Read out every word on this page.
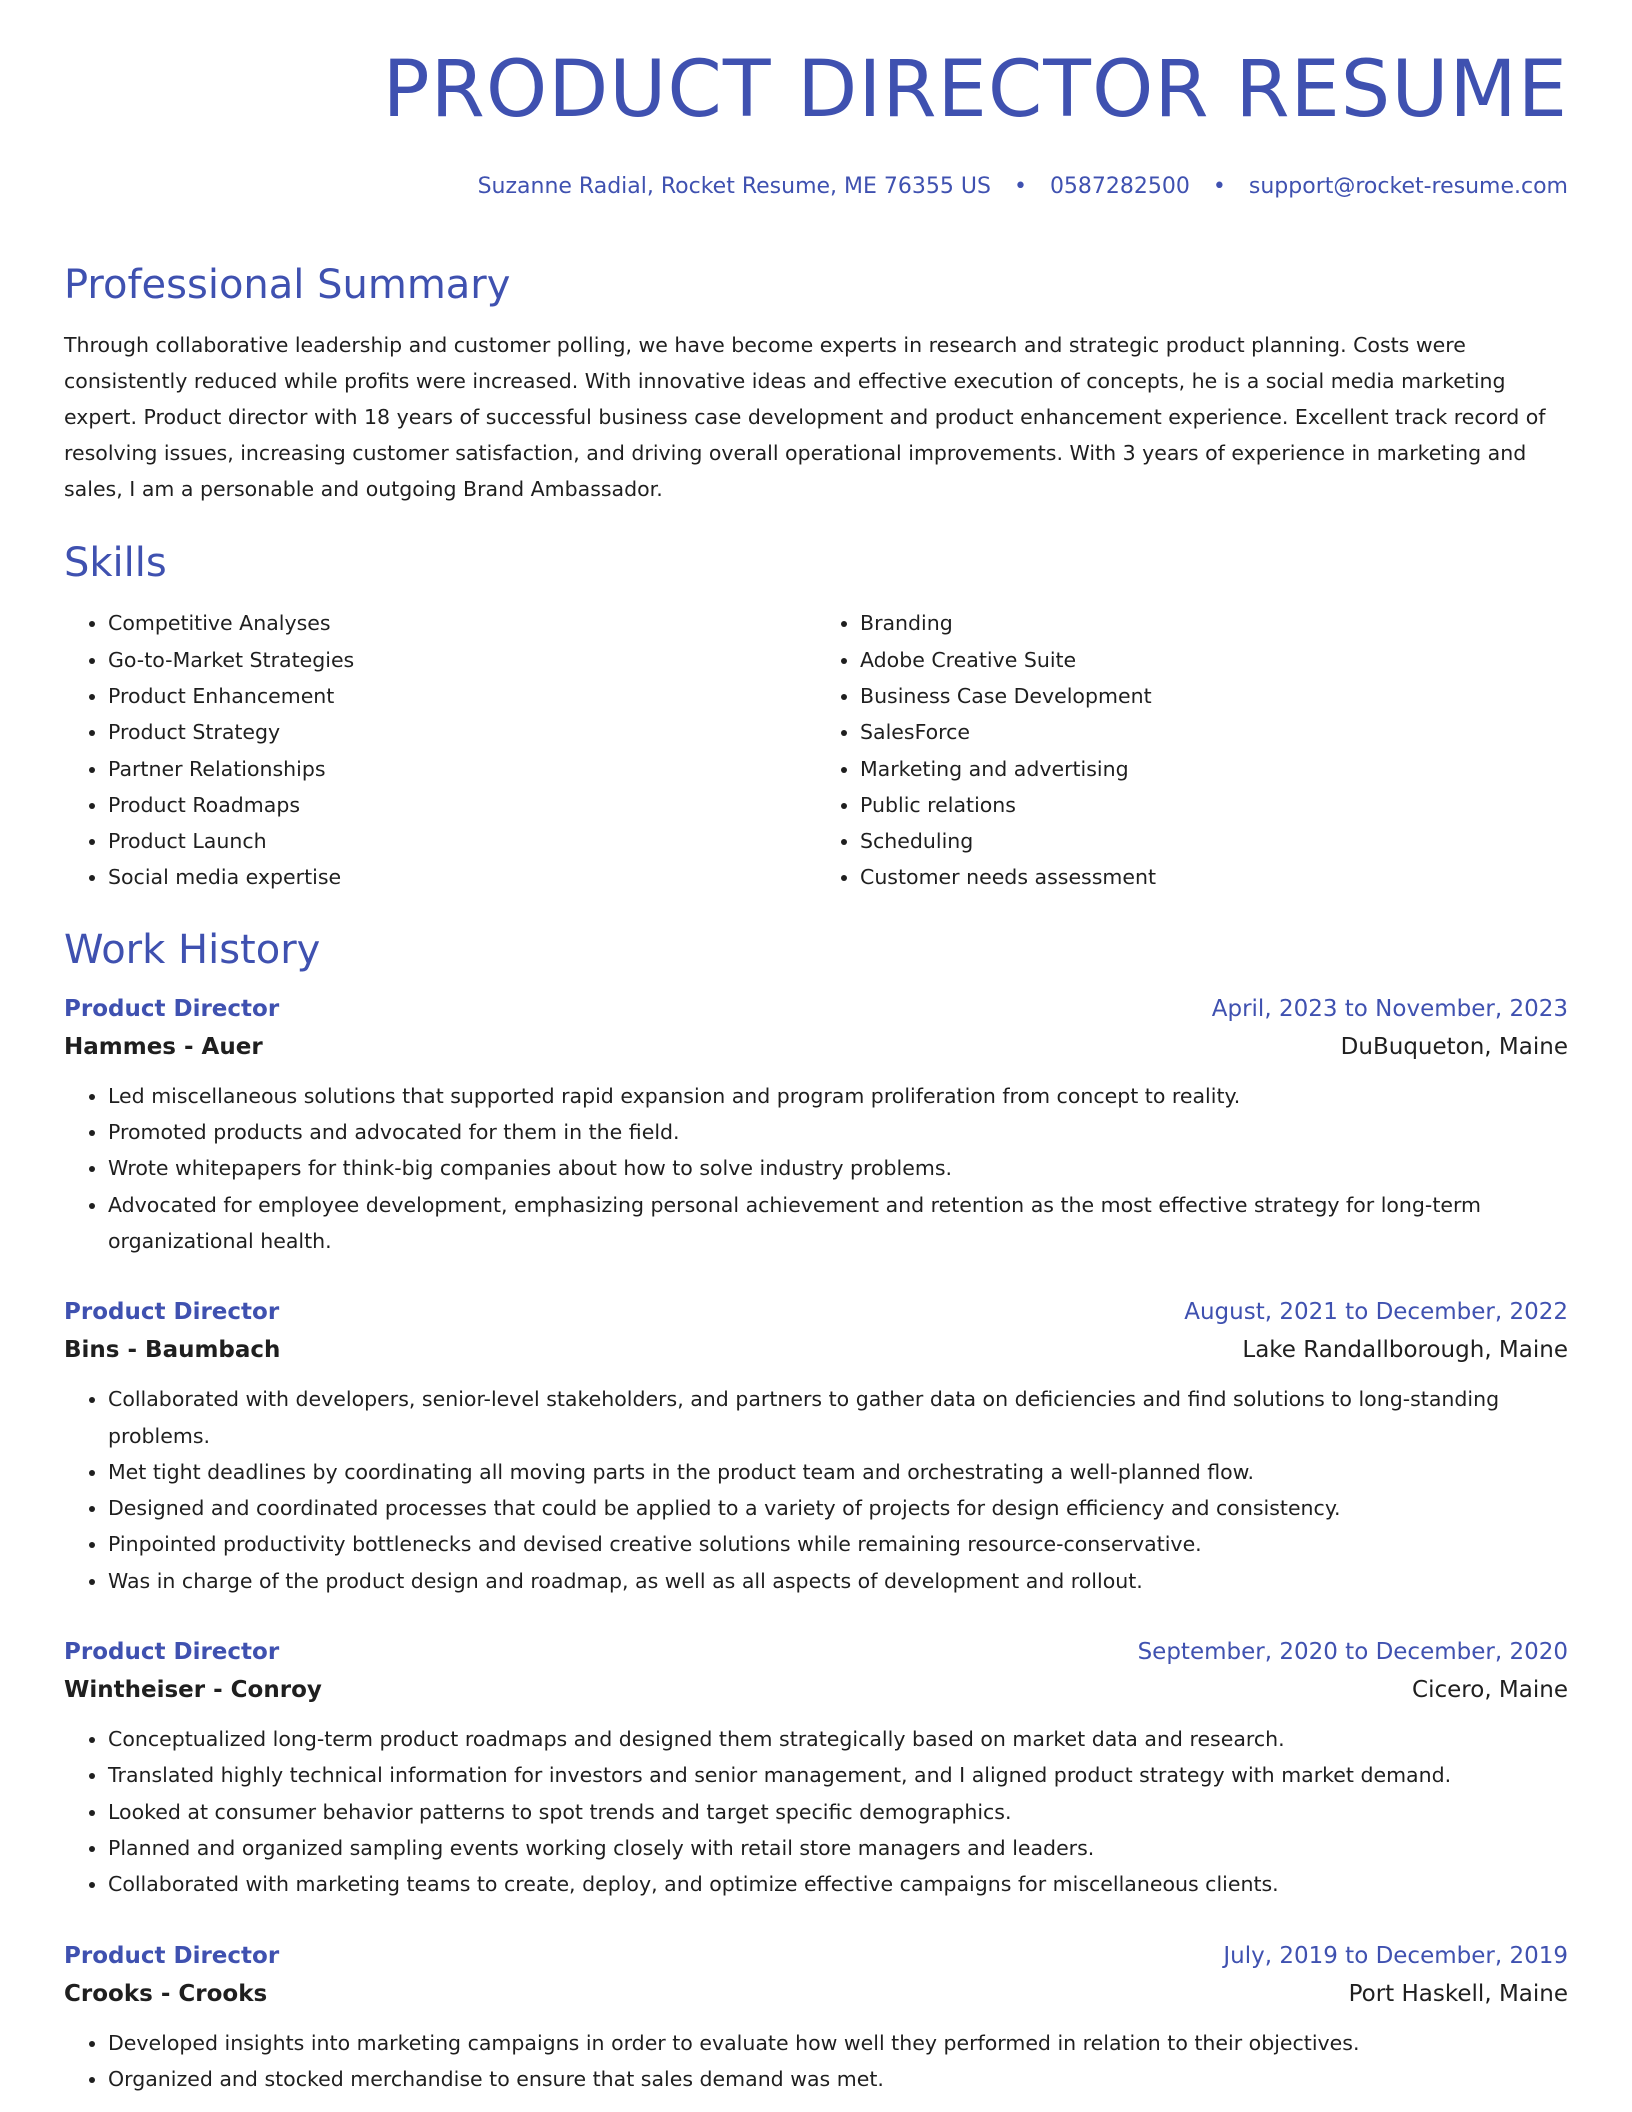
PRODUCT DIRECTOR RESUME
Suzanne Radial, Rocket Resume, ME 76355 US • 0587282500 • support@rocket-resume.com
Professional Summary

Through collaborative leadership and customer polling, we have become experts in research and strategic product planning. Costs were consistently reduced while profits were increased. With innovative ideas and effective execution of concepts, he is a social media marketing expert. Product director with 18 years of successful business case development and product enhancement experience. Excellent track record of resolving issues, increasing customer satisfaction, and driving overall operational improvements. With 3 years of experience in marketing and sales, I am a personable and outgoing Brand Ambassador.

Skills
• Competitive Analyses
• Go-to-Market Strategies
• Product Enhancement
• Product Strategy
• Partner Relationships
• Product Roadmaps
• Product Launch
• Social media expertise
• Branding
• Adobe Creative Suite
• Business Case Development
• SalesForce
• Marketing and advertising
• Public relations
• Scheduling
• Customer needs assessment
Work History
Product Director	April, 2023 to November, 2023
Hammes - Auer	DuBuqueton, Maine
• Led miscellaneous solutions that supported rapid expansion and program proliferation from concept to reality.
• Promoted products and advocated for them in the field.
• Wrote whitepapers for think-big companies about how to solve industry problems.
• Advocated for employee development, emphasizing personal achievement and retention as the most effective strategy for long-term organizational health.
Product Director	August, 2021 to December, 2022
Bins - Baumbach	Lake Randallborough, Maine
• Collaborated with developers, senior-level stakeholders, and partners to gather data on deficiencies and find solutions to long-standing problems.
• Met tight deadlines by coordinating all moving parts in the product team and orchestrating a well-planned flow.
• Designed and coordinated processes that could be applied to a variety of projects for design efficiency and consistency.
• Pinpointed productivity bottlenecks and devised creative solutions while remaining resource-conservative.
• Was in charge of the product design and roadmap, as well as all aspects of development and rollout.
Product Director	September, 2020 to December, 2020
Wintheiser - Conroy	Cicero, Maine
• Conceptualized long-term product roadmaps and designed them strategically based on market data and research.
• Translated highly technical information for investors and senior management, and I aligned product strategy with market demand.
• Looked at consumer behavior patterns to spot trends and target specific demographics.
• Planned and organized sampling events working closely with retail store managers and leaders.
• Collaborated with marketing teams to create, deploy, and optimize effective campaigns for miscellaneous clients.
Product Director	July, 2019 to December, 2019
Crooks - Crooks	Port Haskell, Maine
• Developed insights into marketing campaigns in order to evaluate how well they performed in relation to their objectives.
• Organized and stocked merchandise to ensure that sales demand was met.
